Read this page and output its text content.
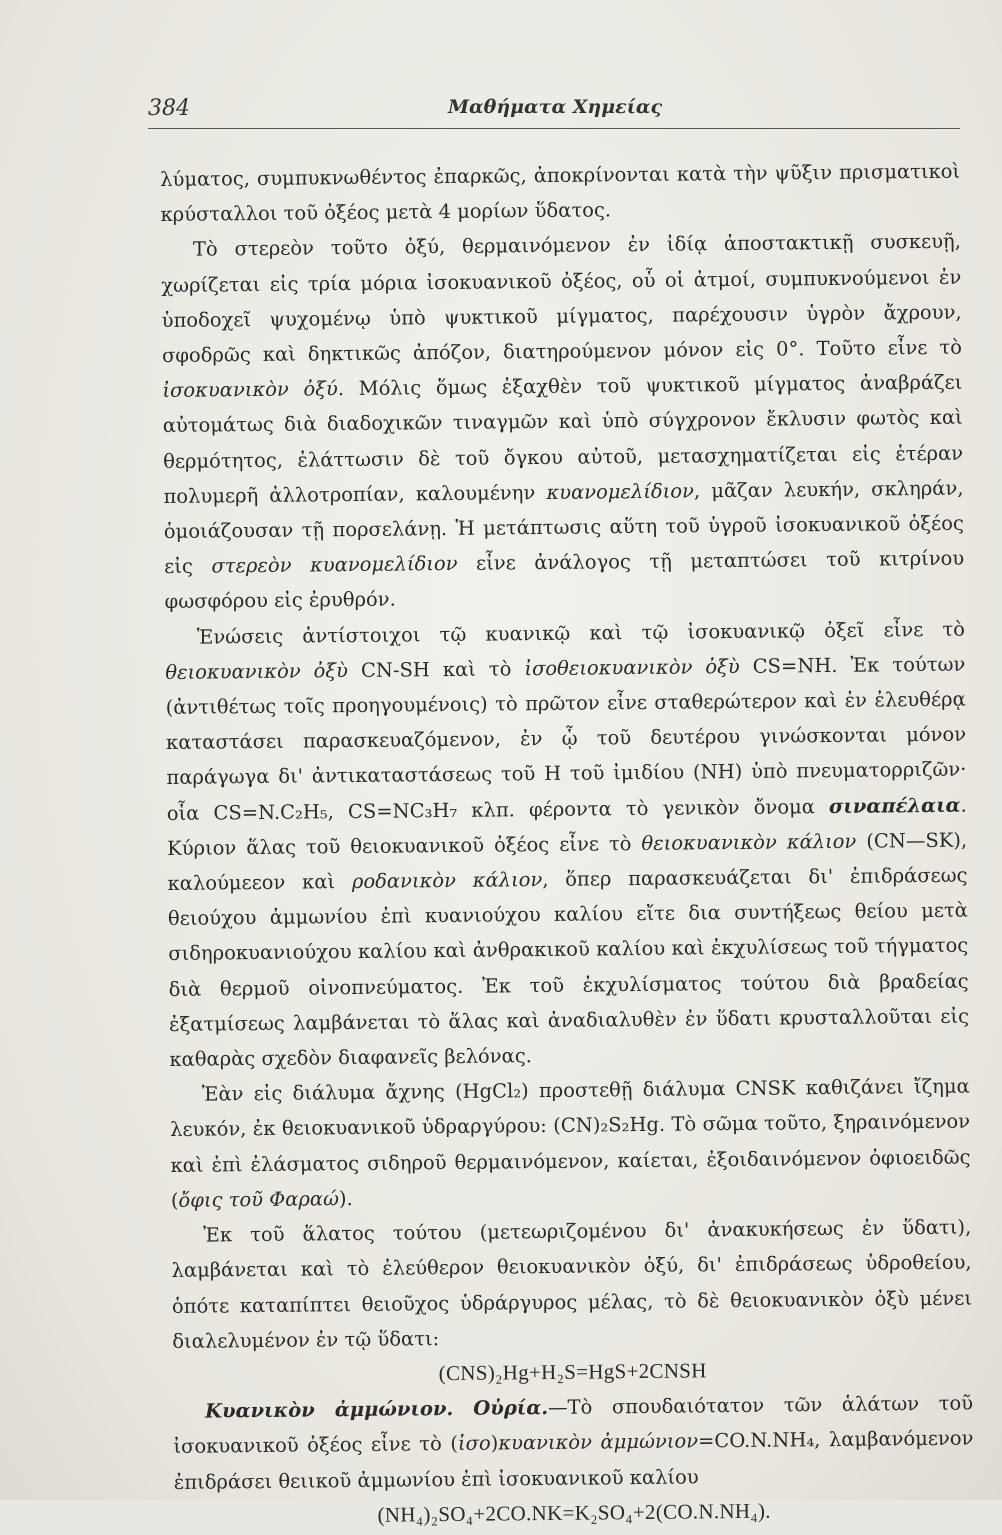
384	Μαθήματα Χημείας

λύματος, συμπυκνωθέντος ἐπαρκῶς, ἀποκρίνονται κατὰ τὴν ψῦξιν πρισματικοὶ κρύσταλλοι τοῦ ὀξέος μετὰ 4 μορίων ὕδατος.

Τὸ στερεὸν τοῦτο ὀξύ, θερμαινόμενον ἐν ἰδίᾳ ἀποστακτικῇ συσκευῇ, χωρίζεται εἰς τρία μόρια ἰσοκυανικοῦ ὀξέος, οὗ οἱ ἀτμοί, συμπυκνούμενοι ἐν ὑποδοχεῖ ψυχομένῳ ὑπὸ ψυκτικοῦ μίγματος, παρέχουσιν ὑγρὸν ἄχρουν, σφοδρῶς καὶ δηκτικῶς ἀπόζον, διατηρούμενον μόνον εἰς 0°. Τοῦτο εἶνε τὸ ἰσοκυανικὸν ὀξύ. Μόλις ὅμως ἐξαχθὲν τοῦ ψυκτικοῦ μίγματος ἀναβράζει αὐτομάτως διὰ διαδοχικῶν τιναγμῶν καὶ ὑπὸ σύγχρονον ἔκλυσιν φωτὸς καὶ θερμότητος, ἐλάττωσιν δὲ τοῦ ὄγκου αὐτοῦ, μετασχηματίζεται εἰς ἑτέραν πολυμερῆ ἀλλοτροπίαν, καλουμένην κυανομελίδιον, μᾶζαν λευκήν, σκληράν, ὁμοιάζουσαν τῇ πορσελάνῃ. Ἡ μετάπτωσις αὕτη τοῦ ὑγροῦ ἰσοκυανικοῦ ὀξέος εἰς στερεὸν κυανομελίδιον εἶνε ἀνάλογος τῇ μεταπτώσει τοῦ κιτρίνου φωσφόρου εἰς ἐρυθρόν.

Ἑνώσεις ἀντίστοιχοι τῷ κυανικῷ καὶ τῷ ἰσοκυανικῷ ὀξεῖ εἶνε τὸ θειοκυανικὸν ὀξὺ CN-SH καὶ τὸ ἰσοθειοκυανικὸν ὀξὺ CS=NH. Ἐκ τούτων (ἀντιθέτως τοῖς προηγουμένοις) τὸ πρῶτον εἶνε σταθερώτερον καὶ ἐν ἐλευθέρᾳ καταστάσει παρασκευαζόμενον, ἐν ᾧ τοῦ δευτέρου γινώσκονται μόνον παράγωγα δι' ἀντικαταστάσεως τοῦ H τοῦ ἰμιδίου (NH) ὑπὸ πνευματορριζῶν· οἷα CS=N.C₂H₅, CS=NC₃H₇ κλπ. φέροντα τὸ γενικὸν ὄνομα σιναπέλαια. Κύριον ἅλας τοῦ θειοκυανικοῦ ὀξέος εἶνε τὸ θειοκυανικὸν κάλιον (CN—SK), καλούμεεον καὶ ροδανικὸν κάλιον, ὅπερ παρασκευάζεται δι' ἐπιδράσεως θειούχου ἀμμωνίου ἐπὶ κυανιούχου καλίου εἴτε δια συντήξεως θείου μετὰ σιδηροκυανιούχου καλίου καὶ ἀνθρακικοῦ καλίου καὶ ἐκχυλίσεως τοῦ τήγματος διὰ θερμοῦ οἰνοπνεύματος. Ἐκ τοῦ ἐκχυλίσματος τούτου διὰ βραδείας ἐξατμίσεως λαμβάνεται τὸ ἅλας καὶ ἀναδιαλυθὲν ἐν ὕδατι κρυσταλλοῦται εἰς καθαρὰς σχεδὸν διαφανεῖς βελόνας.

Ἐὰν εἰς διάλυμα ἄχνης (HgCl₂) προστεθῇ διάλυμα CNSK καθιζάνει ἴζημα λευκόν, ἐκ θειοκυανικοῦ ὑδραργύρου: (CN)₂S₂Hg. Τὸ σῶμα τοῦτο, ξηραινόμενον καὶ ἐπὶ ἐλάσματος σιδηροῦ θερμαινόμενον, καίεται, ἐξοιδαινόμενον ὀφιοειδῶς (ὄφις τοῦ Φαραώ).

Ἐκ τοῦ ἅλατος τούτου (μετεωριζομένου δι' ἀνακυκήσεως ἐν ὕδατι), λαμβάνεται καὶ τὸ ἐλεύθερον θειοκυανικὸν ὀξύ, δι' ἐπιδράσεως ὑδροθείου, ὁπότε καταπίπτει θειοῦχος ὑδράργυρος μέλας, τὸ δὲ θειοκυανικὸν ὀξὺ μένει διαλελυμένον ἐν τῷ ὕδατι:

(CNS)₂Hg+H₂S=HgS+2CNSH

Κυανικὸν ἀμμώνιον. Οὐρία.—Τὸ σπουδαιότατον τῶν ἁλάτων τοῦ ἰσοκυανικοῦ ὀξέος εἶνε τὸ (ἰσο)κυανικὸν ἀμμώνιον=CO.N.NH₄, λαμβανόμενον ἐπιδράσει θειικοῦ ἀμμωνίου ἐπὶ ἰσοκυανικοῦ καλίου

(NH₄)₂SO₄+2CO.NK=K₂SO₄+2(CO.N.NH₄).
